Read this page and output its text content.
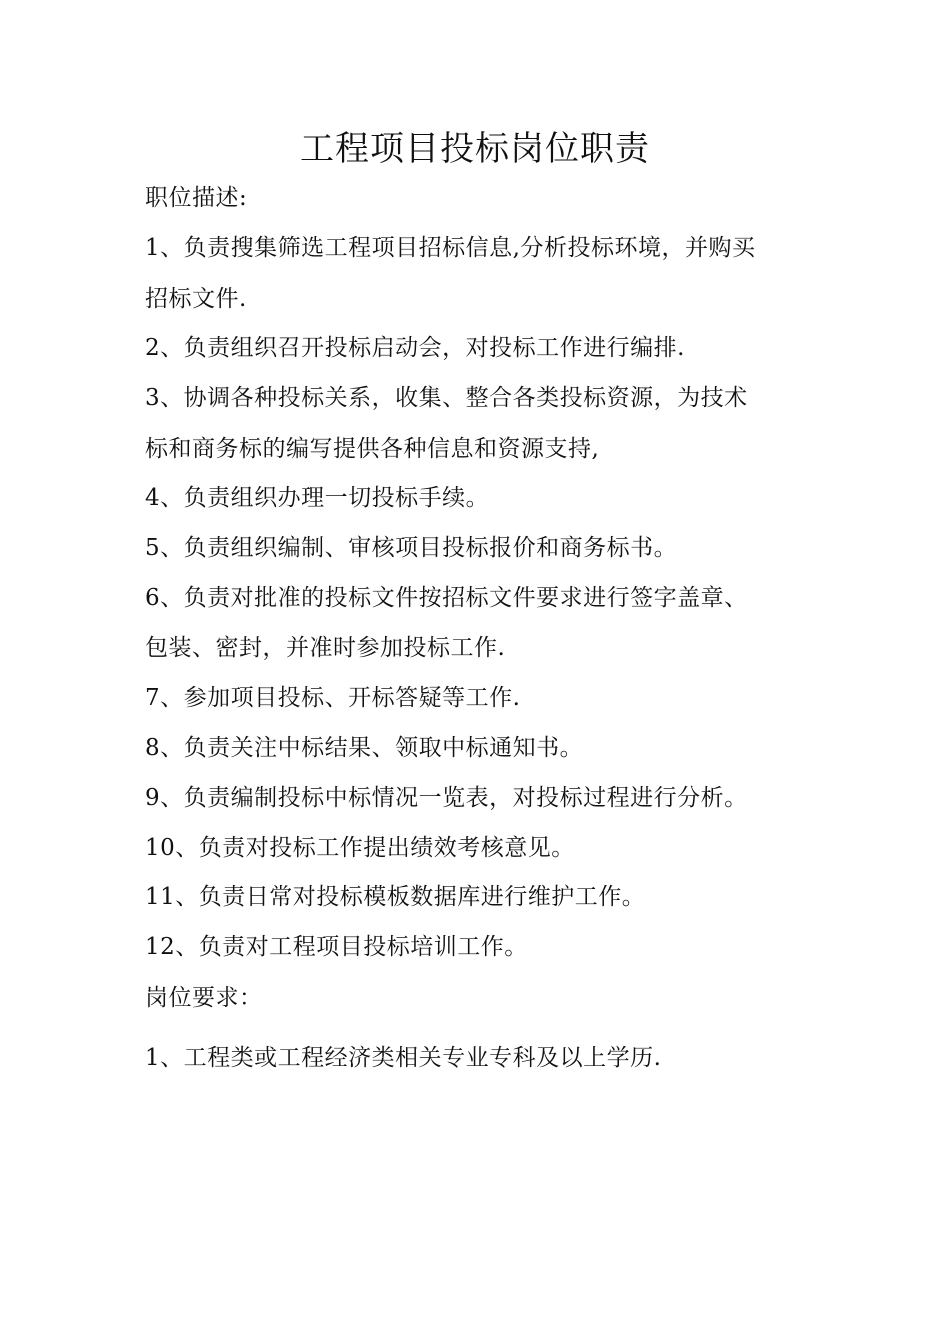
工程项目投标岗位职责
职位描述:
1、负责搜集筛选工程项目招标信息,分析投标环境，并购买
招标文件.
2、负责组织召开投标启动会，对投标工作进行编排.
3、协调各种投标关系，收集、整合各类投标资源，为技术
标和商务标的编写提供各种信息和资源支持,
4、负责组织办理一切投标手续。
5、负责组织编制、审核项目投标报价和商务标书。
6、负责对批准的投标文件按招标文件要求进行签字盖章、
包装、密封，并准时参加投标工作.
7、参加项目投标、开标答疑等工作.
8、负责关注中标结果、领取中标通知书。
9、负责编制投标中标情况一览表，对投标过程进行分析。
10、负责对投标工作提出绩效考核意见。
11、负责日常对投标模板数据库进行维护工作。
12、负责对工程项目投标培训工作。
岗位要求：
1、工程类或工程经济类相关专业专科及以上学历.
